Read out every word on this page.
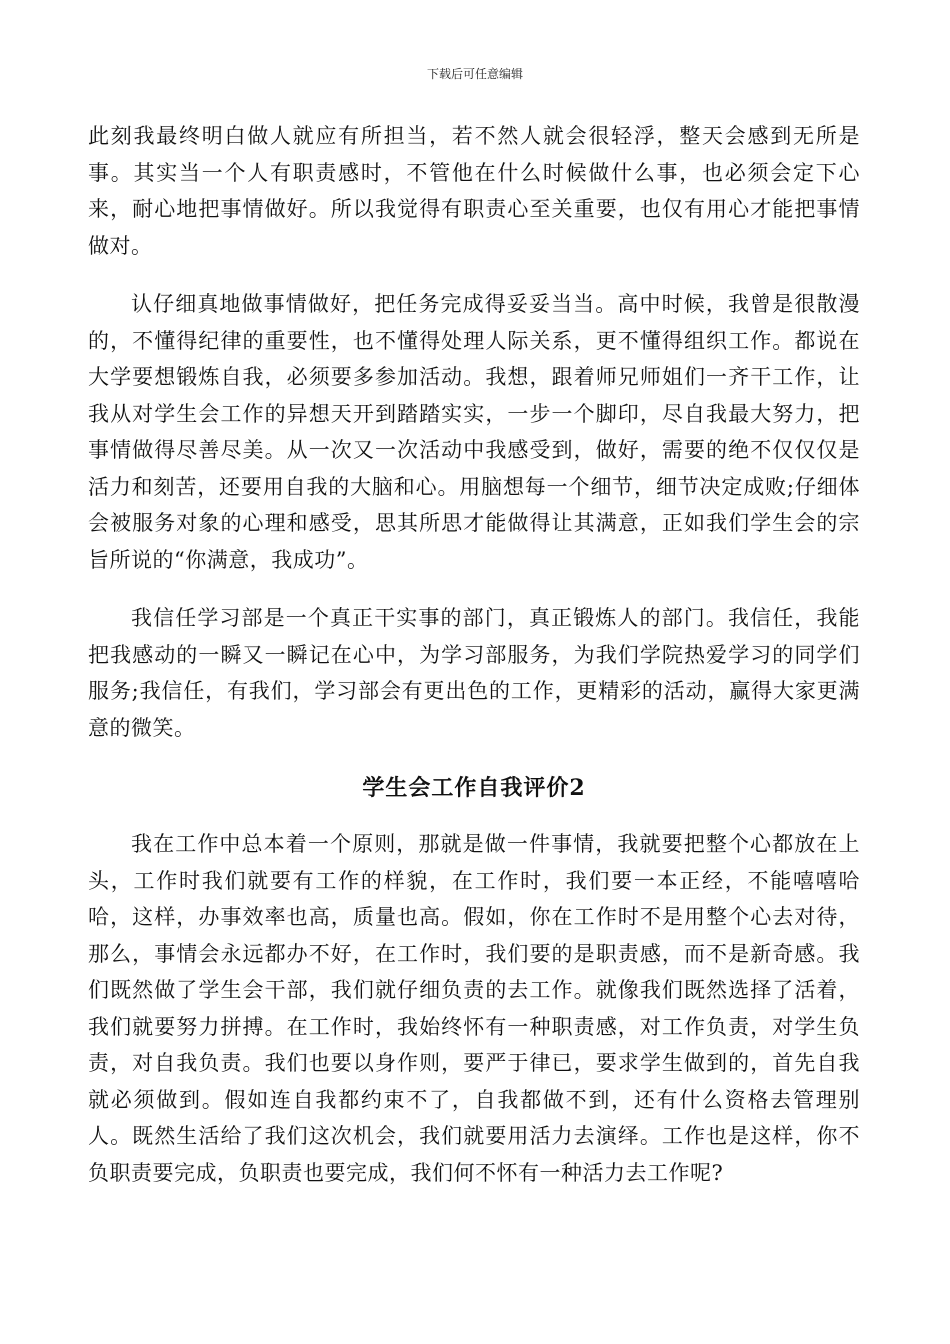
下载后可任意编辑

此刻我最终明白做人就应有所担当，若不然人就会很轻浮，整天会感到无所是事。其实当一个人有职责感时，不管他在什么时候做什么事，也必须会定下心来，耐心地把事情做好。所以我觉得有职责心至关重要，也仅有用心才能把事情做对。

认仔细真地做事情做好，把任务完成得妥妥当当。高中时候，我曾是很散漫的，不懂得纪律的重要性，也不懂得处理人际关系，更不懂得组织工作。都说在大学要想锻炼自我，必须要多参加活动。我想，跟着师兄师姐们一齐干工作，让我从对学生会工作的异想天开到踏踏实实，一步一个脚印，尽自我最大努力，把事情做得尽善尽美。从一次又一次活动中我感受到，做好，需要的绝不仅仅仅是活力和刻苦，还要用自我的大脑和心。用脑想每一个细节，细节决定成败;仔细体会被服务对象的心理和感受，思其所思才能做得让其满意，正如我们学生会的宗旨所说的“你满意，我成功”。

我信任学习部是一个真正干实事的部门，真正锻炼人的部门。我信任，我能把我感动的一瞬又一瞬记在心中，为学习部服务，为我们学院热爱学习的同学们服务;我信任，有我们，学习部会有更出色的工作，更精彩的活动，赢得大家更满意的微笑。

学生会工作自我评价2

我在工作中总本着一个原则，那就是做一件事情，我就要把整个心都放在上头，工作时我们就要有工作的样貌，在工作时，我们要一本正经，不能嘻嘻哈哈，这样，办事效率也高，质量也高。假如，你在工作时不是用整个心去对待，那么，事情会永远都办不好，在工作时，我们要的是职责感，而不是新奇感。我们既然做了学生会干部，我们就仔细负责的去工作。就像我们既然选择了活着，我们就要努力拼搏。在工作时，我始终怀有一种职责感，对工作负责，对学生负责，对自我负责。我们也要以身作则，要严于律已，要求学生做到的，首先自我就必须做到。假如连自我都约束不了，自我都做不到，还有什么资格去管理别人。既然生活给了我们这次机会，我们就要用活力去演绎。工作也是这样，你不负职责要完成，负职责也要完成，我们何不怀有一种活力去工作呢?
